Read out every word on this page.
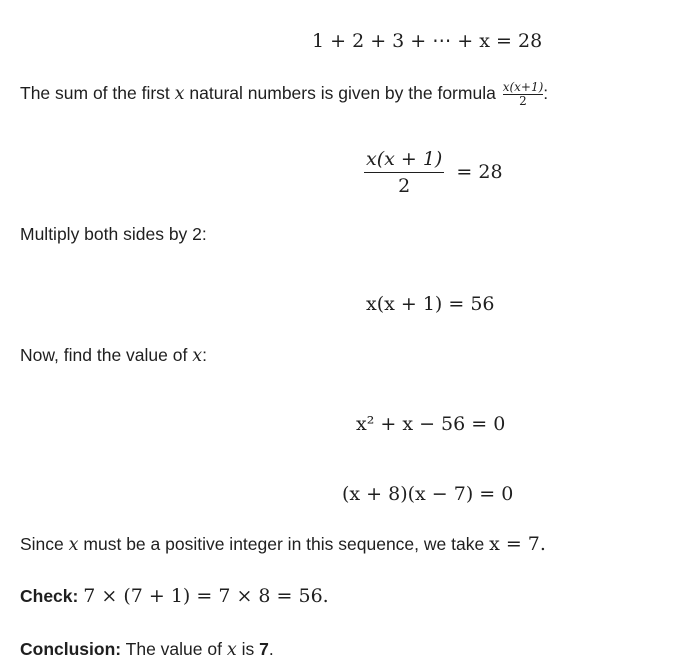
1 + 2 + 3 + ⋯ + x = 28
The sum of the first x natural numbers is given by the formula $\frac{x(x+1)}{2}$ :
$\frac{x(x + 1)}{2} = 28$
Multiply both sides by 2:
x(x + 1) = 56
Now, find the value of x:
x² + x − 56 = 0
(x + 8)(x − 7) = 0
Since x must be a positive integer in this sequence, we take x = 7.
Check: 7 × (7 + 1) = 7 × 8 = 56.
Conclusion: The value of x is 7.
